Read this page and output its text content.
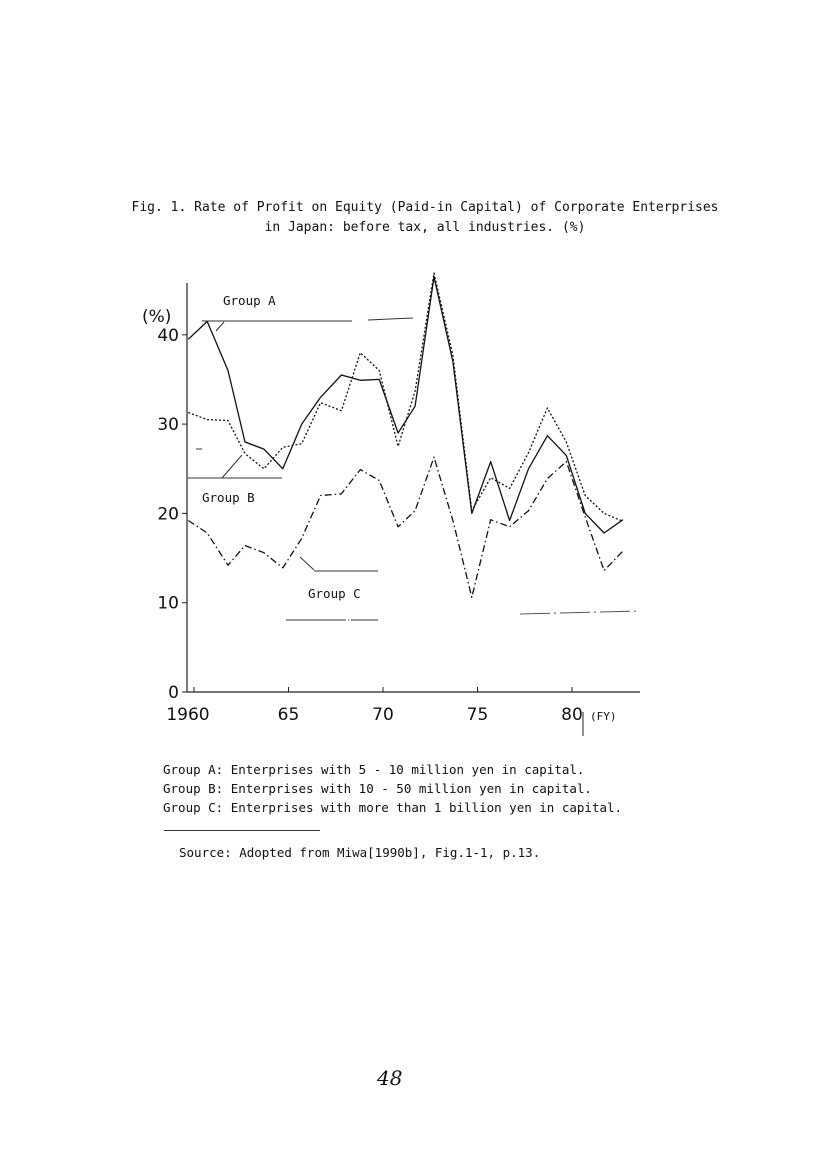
Fig. 1. Rate of Profit on Equity (Paid-in Capital) of Corporate Enterprises
in Japan: before tax, all industries. (%)
0
10
20
30
40
(%)
1960	65	70	75	80 (FY)
Group A
Group B
Group C
Group A: Enterprises with 5 - 10 million yen in capital.
Group B: Enterprises with 10 - 50 million yen in capital.
Group C: Enterprises with more than 1 billion yen in capital.
Source: Adopted from Miwa[1990b], Fig.1-1, p.13.
48
